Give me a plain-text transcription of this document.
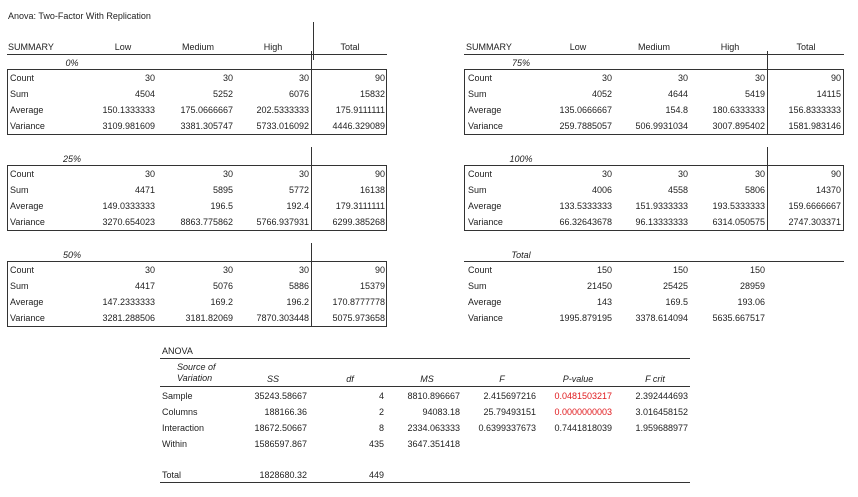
SUMMARY	Low	Medium	High	Total
0%
Count	30	30	30	90
Sum	4504	5252	6076	15832
Average	150.1333333	175.0666667	202.5333333	175.9111111
Variance	3109.981609	3381.305747	5733.016092	4446.329089
25%
Count	30	30	30	90
Sum	4471	5895	5772	16138
Average	149.0333333	196.5	192.4	179.3111111
Variance	3270.654023	8863.775862	5766.937931	6299.385268
50%
Count	30	30	30	90
Sum	4417	5076	5886	15379
Average	147.2333333	169.2	196.2	170.8777778
Variance	3281.288506	3181.82069	7870.303448	5075.973658
SUMMARY	Low	Medium	High	Total
75%
Count	30	30	30	90
Sum	4052	4644	5419	14115
Average	135.0666667	154.8	180.6333333	156.8333333
Variance	259.7885057	506.9931034	3007.895402	1581.983146
100%
Count	30	30	30	90
Sum	4006	4558	5806	14370
Average	133.5333333	151.9333333	193.5333333	159.6666667
Variance	66.32643678	96.13333333	6314.050575	2747.303371
Total
Count	150	150	150
Sum	21450	25425	28959
Average	143	169.5	193.06
Variance	1995.879195	3378.614094	5635.667517
ANOVA
Source of
Variation	SS	df	MS	F	P-value	F crit
Sample	35243.58667	4	8810.896667	2.415697216	0.0481503217	2.392444693
Columns	188166.36	2	94083.18	25.79493151	0.0000000003	3.016458152
Interaction	18672.50667	8	2334.063333	0.6399337673	0.7441818039	1.959688977
Within	1586597.867	435	3647.351418
Total	1828680.32	449
Anova: Two-Factor With Replication
